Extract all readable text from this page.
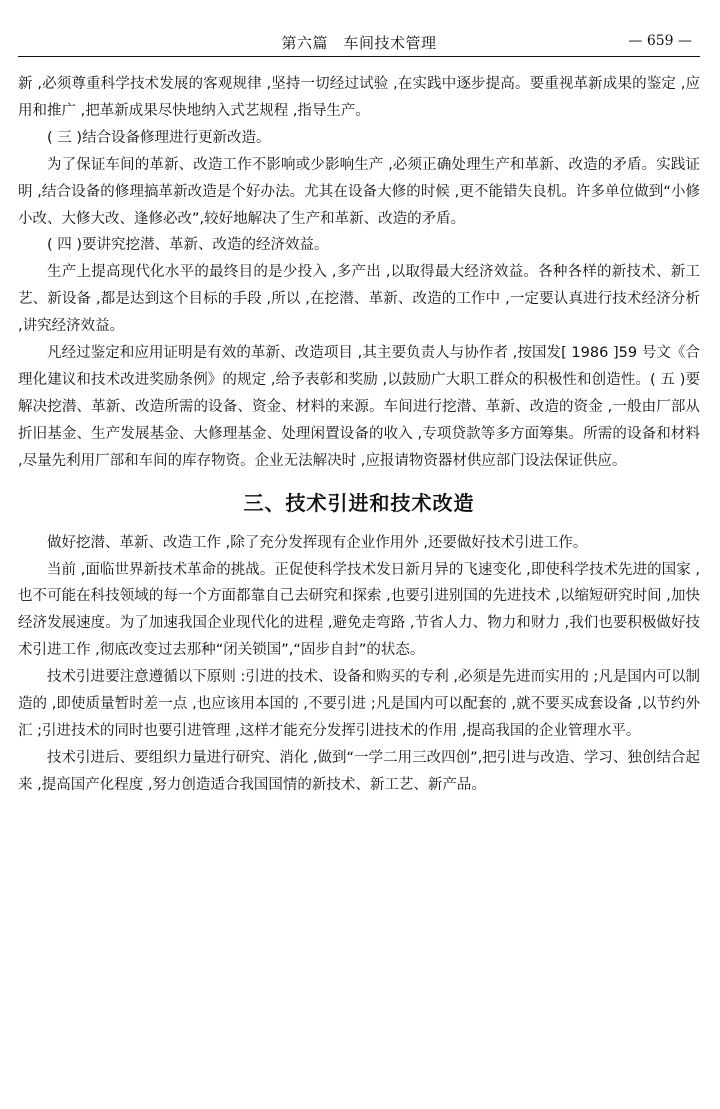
第六篇　车间技术管理	— 659 —

新 ,必须尊重科学技术发展的客观规律 ,坚持一切经过试验 ,在实践中逐步提高。要重视革新成果的鉴定 ,应用和推广 ,把革新成果尽快地纳入式艺规程 ,指导生产。

( 三 )结合设备修理进行更新改造。

为了保证车间的革新、改造工作不影响或少影响生产 ,必须正确处理生产和革新、改造的矛盾。实践证明 ,结合设备的修理搞革新改造是个好办法。尤其在设备大修的时候 ,更不能错失良机。许多单位做到“小修小改、大修大改、逢修必改”,较好地解决了生产和革新、改造的矛盾。

( 四 )要讲究挖潜、革新、改造的经济效益。

生产上提高现代化水平的最终目的是少投入 ,多产出 ,以取得最大经济效益。各种各样的新技术、新工艺、新设备 ,都是达到这个目标的手段 ,所以 ,在挖潜、革新、改造的工作中 ,一定要认真进行技术经济分析 ,讲究经济效益。

凡经过鉴定和应用证明是有效的革新、改造项目 ,其主要负责人与协作者 ,按国发[ 1986 ]59 号文《合理化建议和技术改进奖励条例》的规定 ,给予表彰和奖励 ,以鼓励广大职工群众的积极性和创造性。( 五 )要解决挖潜、革新、改造所需的设备、资金、材料的来源。车间进行挖潜、革新、改造的资金 ,一般由厂部从折旧基金、生产发展基金、大修理基金、处理闲置设备的收入 ,专项贷款等多方面筹集。所需的设备和材料 ,尽量先利用厂部和车间的库存物资。企业无法解决时 ,应报请物资器材供应部门设法保证供应。

三、技术引进和技术改造

做好挖潜、革新、改造工作 ,除了充分发挥现有企业作用外 ,还要做好技术引进工作。

当前 ,面临世界新技术革命的挑战。正促使科学技术发日新月异的飞速变化 ,即使科学技术先进的国家 ,也不可能在科技领域的每一个方面都靠自己去研究和探索 ,也要引进别国的先进技术 ,以缩短研究时间 ,加快经济发展速度。为了加速我国企业现代化的进程 ,避免走弯路 ,节省人力、物力和财力 ,我们也要积极做好技术引进工作 ,彻底改变过去那种“闭关锁国”,“固步自封”的状态。

技术引进要注意遵循以下原则 :引进的技术、设备和购买的专利 ,必须是先进而实用的 ;凡是国内可以制造的 ,即使质量暂时差一点 ,也应该用本国的 ,不要引进 ;凡是国内可以配套的 ,就不要买成套设备 ,以节约外汇 ;引进技术的同时也要引进管理 ,这样才能充分发挥引进技术的作用 ,提高我国的企业管理水平。

技术引进后、要组织力量进行研究、消化 ,做到“一学二用三改四创”,把引进与改造、学习、独创结合起来 ,提高国产化程度 ,努力创造适合我国国情的新技术、新工艺、新产品。
